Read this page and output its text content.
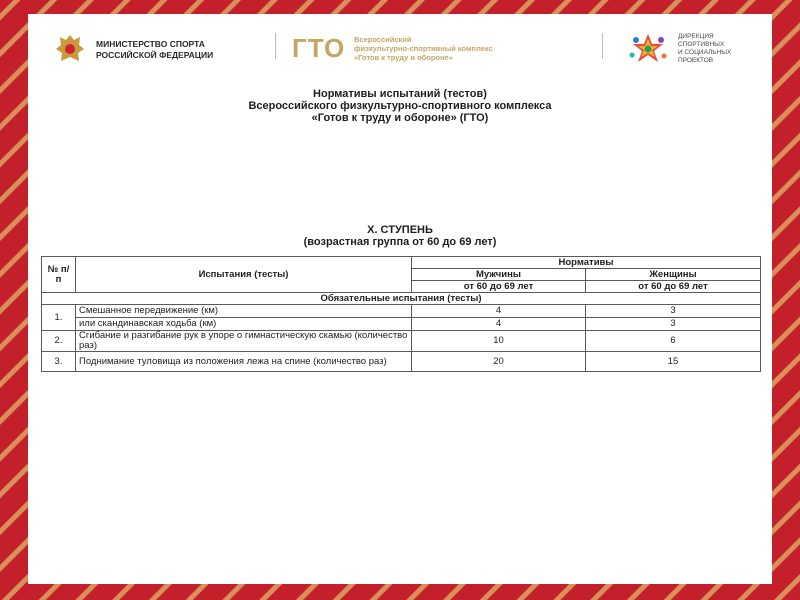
МИНИСТЕРСТВО СПОРТА
РОССИЙСКОЙ ФЕДЕРАЦИИ	ГТО Всероссийский
физкультурно-спортивный комплекс
«Готов к труду и обороне»
ДИРЕКЦИЯ
СПОРТИВНЫХ
И СОЦИАЛЬНЫХ
ПРОЕКТОВ
Нормативы испытаний (тестов)
Всероссийского физкультурно-спортивного комплекса
«Готов к труду и обороне» (ГТО)
X. СТУПЕНЬ
(возрастная группа от 60 до 69 лет)
№ п/п	Испытания (тесты)	Нормативы	
		Мужчины	Женщины
		от 60 до 69 лет	от 60 до 69 лет
Обязательные испытания (тесты)			
1.	Смешанное передвижение (км)	4	3
	или скандинавская ходьба (км)	4	3
2.	Сгибание и разгибание рук в упоре о гимнастическую скамью (количество раз)	10	6
3.	Поднимание туловища из положения лежа на спине (количество раз)	20	15
